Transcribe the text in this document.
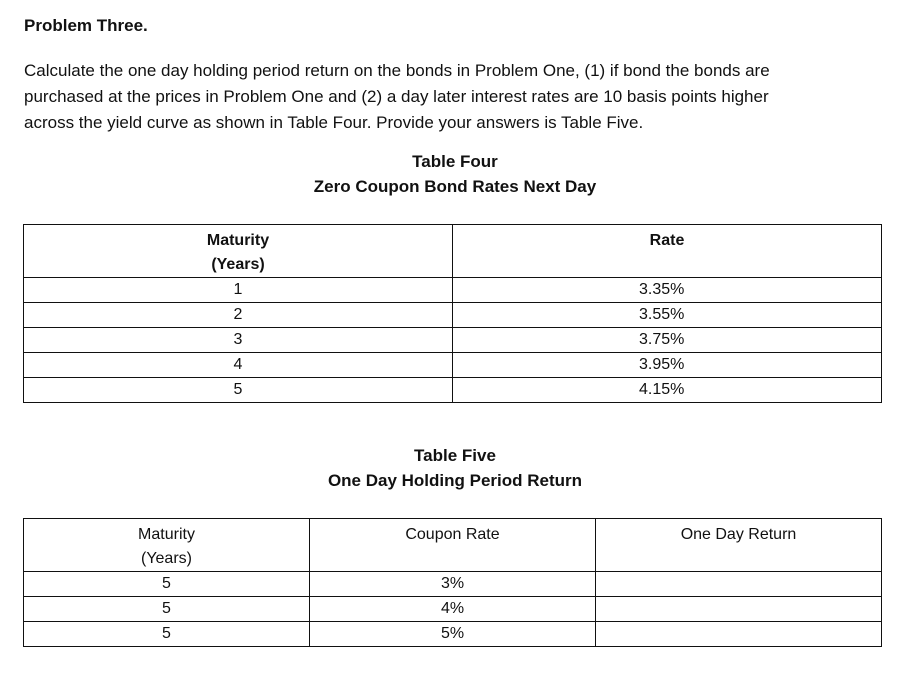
Problem Three.

Calculate the one day holding period return on the bonds in Problem One, (1) if bond the bonds are
purchased at the prices in Problem One and (2) a day later interest rates are 10 basis points higher
across the yield curve as shown in Table Four. Provide your answers is Table Five.

Table Four
Zero Coupon Bond Rates Next Day
Maturity
(Years)	Rate
1	3.35%
2	3.55%
3	3.75%
4	3.95%
5	4.15%
Table Five
One Day Holding Period Return
Maturity
(Years)	Coupon Rate	One Day Return
5	3%	
5	4%	
5	5%	
